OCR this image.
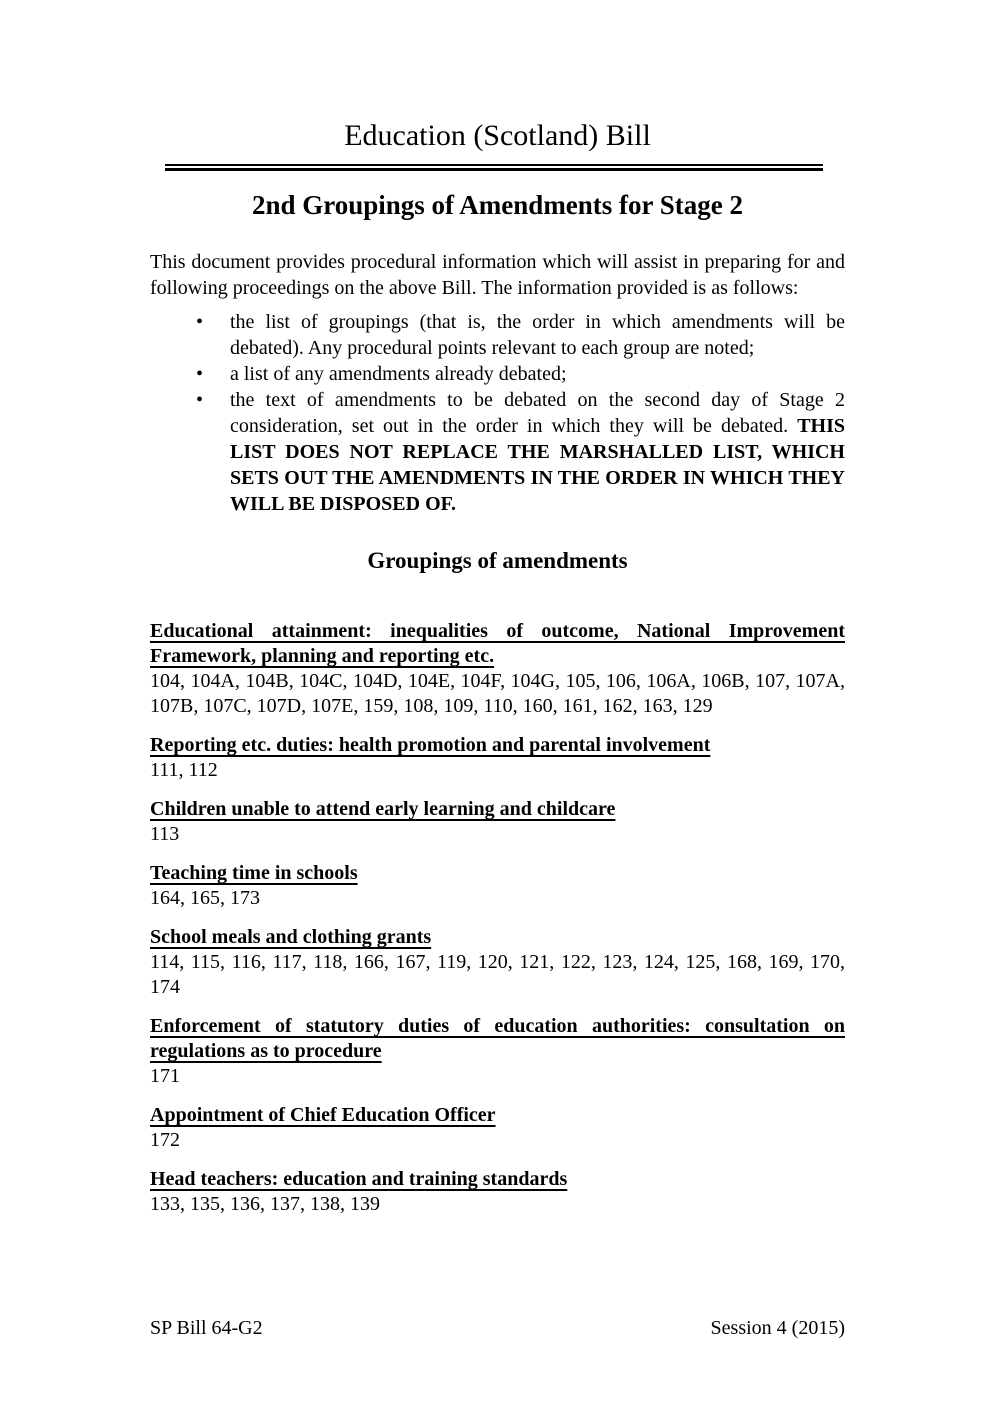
Education (Scotland) Bill
2nd Groupings of Amendments for Stage 2

This document provides procedural information which will assist in preparing for and following proceedings on the above Bill. The information provided is as follows:

• the list of groupings (that is, the order in which amendments will be debated). Any procedural points relevant to each group are noted;
• a list of any amendments already debated;
• the text of amendments to be debated on the second day of Stage 2 consideration, set out in the order in which they will be debated. THIS LIST DOES NOT REPLACE THE MARSHALLED LIST, WHICH SETS OUT THE AMENDMENTS IN THE ORDER IN WHICH THEY WILL BE DISPOSED OF.
Groupings of amendments
Educational attainment: inequalities of outcome, National Improvement Framework, planning and reporting etc.

104, 104A, 104B, 104C, 104D, 104E, 104F, 104G, 105, 106, 106A, 106B, 107, 107A, 107B, 107C, 107D, 107E, 159, 108, 109, 110, 160, 161, 162, 163, 129

Reporting etc. duties: health promotion and parental involvement

111, 112

Children unable to attend early learning and childcare

113

Teaching time in schools

164, 165, 173

School meals and clothing grants

114, 115, 116, 117, 118, 166, 167, 119, 120, 121, 122, 123, 124, 125, 168, 169, 170, 174

Enforcement of statutory duties of education authorities: consultation on regulations as to procedure

171

Appointment of Chief Education Officer

172

Head teachers: education and training standards

133, 135, 136, 137, 138, 139

SP Bill 64-G2	Session 4 (2015)
